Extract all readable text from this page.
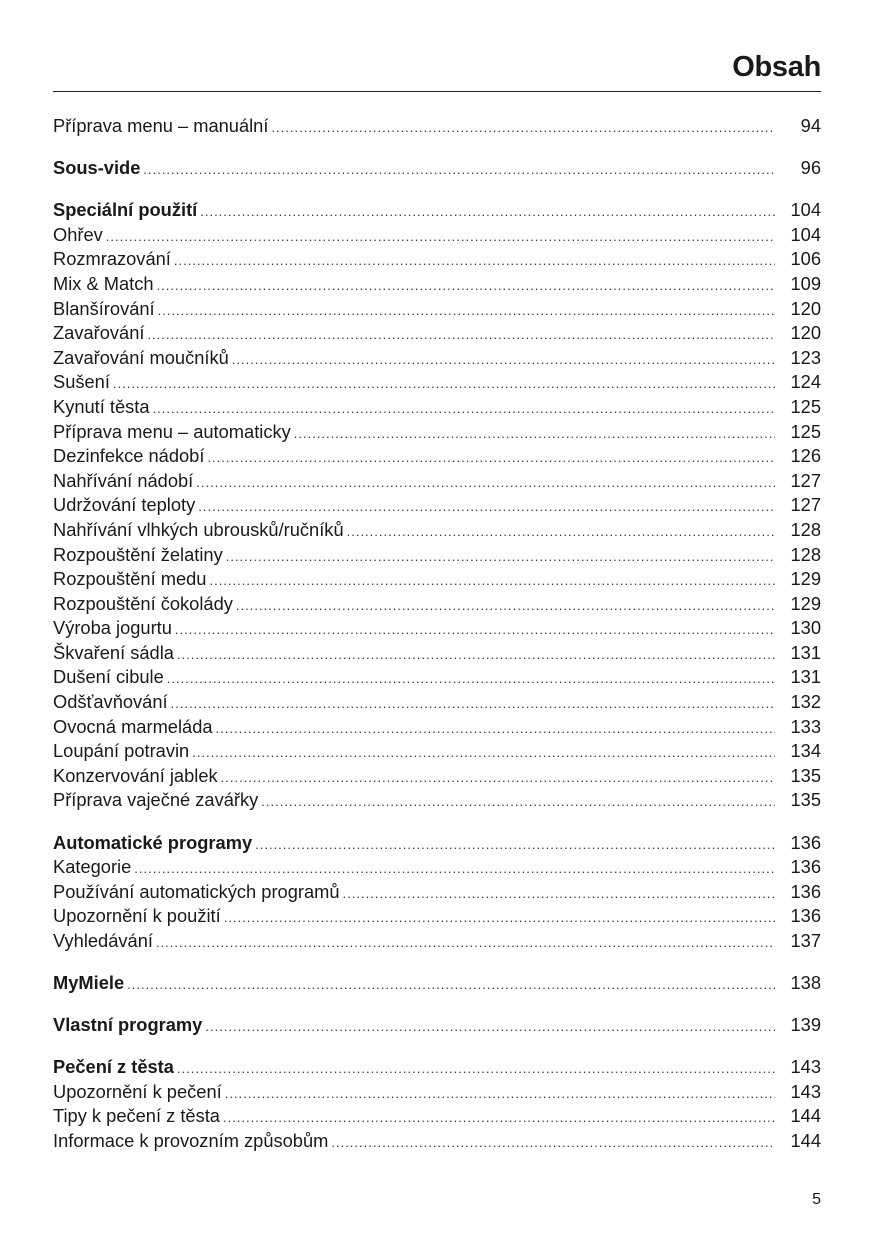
Obsah
Příprava menu – manuální .....	94
Sous-vide .....	96
Speciální použití .....	104
Ohřev .....	104
Rozmrazování .....	106
Mix & Match .....	109
Blanšírování .....	120
Zavařování .....	120
Zavařování moučníků .....	123
Sušení .....	124
Kynutí těsta .....	125
Příprava menu – automaticky .....	125
Dezinfekce nádobí .....	126
Nahřívání nádobí .....	127
Udržování teploty .....	127
Nahřívání vlhkých ubrousků/ručníků .....	128
Rozpouštění želatiny .....	128
Rozpouštění medu .....	129
Rozpouštění čokolády .....	129
Výroba jogurtu .....	130
Škvaření sádla .....	131
Dušení cibule .....	131
Odšťavňování .....	132
Ovocná marmeláda .....	133
Loupání potravin .....	134
Konzervování jablek .....	135
Příprava vaječné zavářky .....	135
Automatické programy .....	136
Kategorie .....	136
Používání automatických programů .....	136
Upozornění k použití .....	136
Vyhledávání .....	137
MyMiele .....	138
Vlastní programy .....	139
Pečení z těsta .....	143
Upozornění k pečení .....	143
Tipy k pečení z těsta .....	144
Informace k provozním způsobům .....	144
5
